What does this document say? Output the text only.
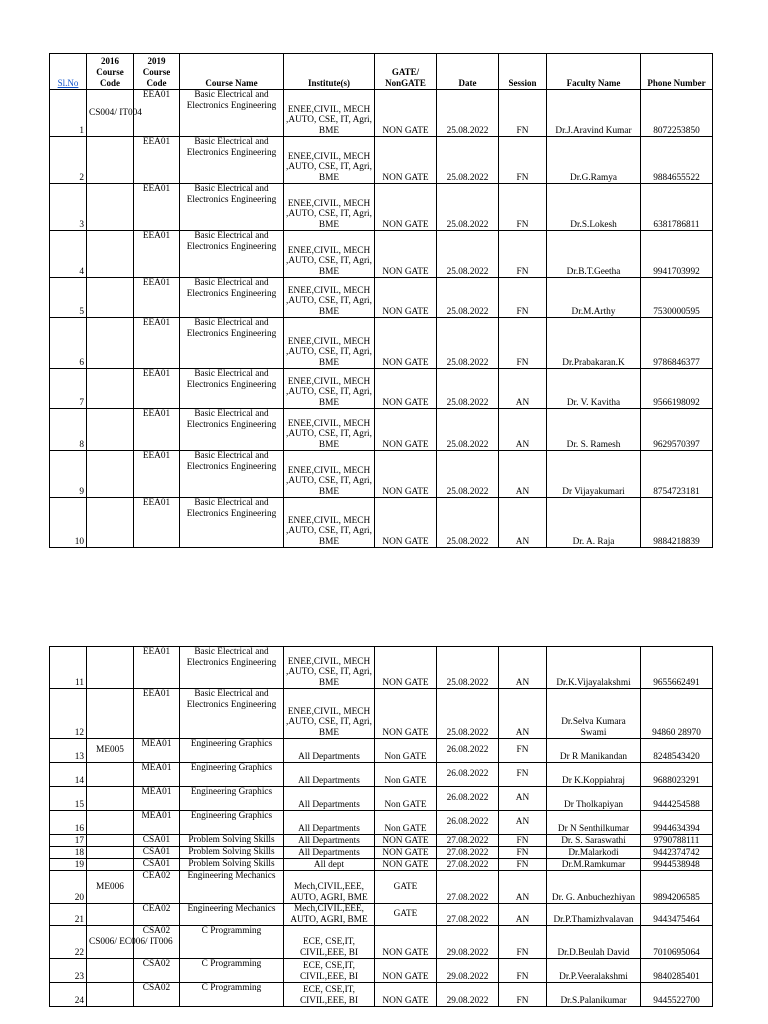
Sl.No	2016 Course Code	2019 Course Code	Course Name	Institute(s)	GATE/ NonGATE	Date	Session	Faculty Name	Phone Number
1	CS004/ IT004	EEA01	Basic Electrical and Electronics Engineering	ENEE,CIVIL, MECH ,AUTO, CSE, IT, Agri, BME	NON GATE	25.08.2022	FN	Dr.J.Aravind Kumar	8072253850
2		EEA01	Basic Electrical and Electronics Engineering	ENEE,CIVIL, MECH ,AUTO, CSE, IT, Agri, BME	NON GATE	25.08.2022	FN	Dr.G.Ramya	9884655522
3		EEA01	Basic Electrical and Electronics Engineering	ENEE,CIVIL, MECH ,AUTO, CSE, IT, Agri, BME	NON GATE	25.08.2022	FN	Dr.S.Lokesh	6381786811
4		EEA01	Basic Electrical and Electronics Engineering	ENEE,CIVIL, MECH ,AUTO, CSE, IT, Agri, BME	NON GATE	25.08.2022	FN	Dr.B.T.Geetha	9941703992
5		EEA01	Basic Electrical and Electronics Engineering	ENEE,CIVIL, MECH ,AUTO, CSE, IT, Agri, BME	NON GATE	25.08.2022	FN	Dr.M.Arthy	7530000595
6		EEA01	Basic Electrical and Electronics Engineering	ENEE,CIVIL, MECH ,AUTO, CSE, IT, Agri, BME	NON GATE	25.08.2022	FN	Dr.Prabakaran.K	9786846377
7		EEA01	Basic Electrical and Electronics Engineering	ENEE,CIVIL, MECH ,AUTO, CSE, IT, Agri, BME	NON GATE	25.08.2022	AN	Dr. V. Kavitha	9566198092
8		EEA01	Basic Electrical and Electronics Engineering	ENEE,CIVIL, MECH ,AUTO, CSE, IT, Agri, BME	NON GATE	25.08.2022	AN	Dr. S. Ramesh	9629570397
9		EEA01	Basic Electrical and Electronics Engineering	ENEE,CIVIL, MECH ,AUTO, CSE, IT, Agri, BME	NON GATE	25.08.2022	AN	Dr Vijayakumari	8754723181
10		EEA01	Basic Electrical and Electronics Engineering	ENEE,CIVIL, MECH ,AUTO, CSE, IT, Agri, BME	NON GATE	25.08.2022	AN	Dr. A. Raja	9884218839
11		EEA01	Basic Electrical and Electronics Engineering	ENEE,CIVIL, MECH ,AUTO, CSE, IT, Agri, BME	NON GATE	25.08.2022	AN	Dr.K.Vijayalakshmi	9655662491
12		EEA01	Basic Electrical and Electronics Engineering	ENEE,CIVIL, MECH ,AUTO, CSE, IT, Agri, BME	NON GATE	25.08.2022	AN	Dr.Selva Kumara Swami	94860 28970
13	ME005	MEA01	Engineering Graphics	All Departments	Non GATE	26.08.2022	FN	Dr R Manikandan	8248543420
14		MEA01	Engineering Graphics	All Departments	Non GATE	26.08.2022	FN	Dr K.Koppiahraj	9688023291
15		MEA01	Engineering Graphics	All Departments	Non GATE	26.08.2022	AN	Dr Tholkapiyan	9444254588
16		MEA01	Engineering Graphics	All Departments	Non GATE	26.08.2022	AN	Dr N Senthilkumar	9944634394
17		CSA01	Problem Solving Skills	All Departments	NON GATE	27.08.2022	FN	Dr. S. Saraswathi	9790788111
18		CSA01	Problem Solving Skills	All Departments	NON GATE	27.08.2022	FN	Dr.Malarkodi	9442374742
19		CSA01	Problem Solving Skills	All dept	NON GATE	27.08.2022	FN	Dr.M.Ramkumar	9944538948
20	ME006	CEA02	Engineering Mechanics	Mech,CIVIL,EEE, AUTO, AGRI, BME	GATE	27.08.2022	AN	Dr. G. Anbuchezhiyan	9894206585
21		CEA02	Engineering Mechanics	Mech,CIVIL,EEE, AUTO, AGRI, BME	GATE	27.08.2022	AN	Dr.P.Thamizhvalavan	9443475464
22	CS006/ EC006/ IT006	CSA02	C Programming	ECE, CSE,IT, CIVIL,EEE, BI	NON GATE	29.08.2022	FN	Dr.D.Beulah David	7010695064
23		CSA02	C Programming	ECE, CSE,IT, CIVIL,EEE, BI	NON GATE	29.08.2022	FN	Dr.P.Veeralakshmi	9840285401
24		CSA02	C Programming	ECE, CSE,IT, CIVIL,EEE, BI	NON GATE	29.08.2022	FN	Dr.S.Palanikumar	9445522700
